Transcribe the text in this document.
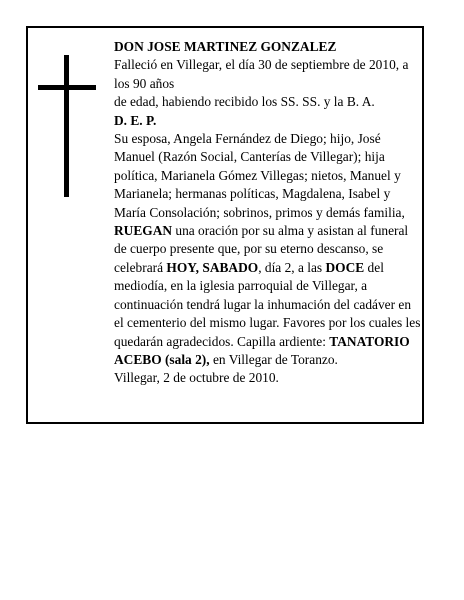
DON JOSE MARTINEZ GONZALEZ

Falleció en Villegar, el día 30 de septiembre de 2010, a

los 90 años

de edad, habiendo recibido los SS. SS. y la B. A.

D. E. P.

Su esposa, Angela Fernández de Diego; hijo, José Manuel (Razón Social, Canterías de Villegar); hija política, Marianela Gómez Villegas; nietos, Manuel y Marianela; hermanas políticas, Magdalena, Isabel y María Consolación; sobrinos, primos y demás familia, RUEGAN una oración por su alma y asistan al funeral de cuerpo presente que, por su eterno descanso, se celebrará HOY, SABADO, día 2, a las DOCE del mediodía, en la iglesia parroquial de Villegar, a continuación tendrá lugar la inhumación del cadáver en el cementerio del mismo lugar. Favores por los cuales les quedarán agradecidos. Capilla ardiente: TANATORIO ACEBO (sala 2), en Villegar de Toranzo.

Villegar, 2 de octubre de 2010.
